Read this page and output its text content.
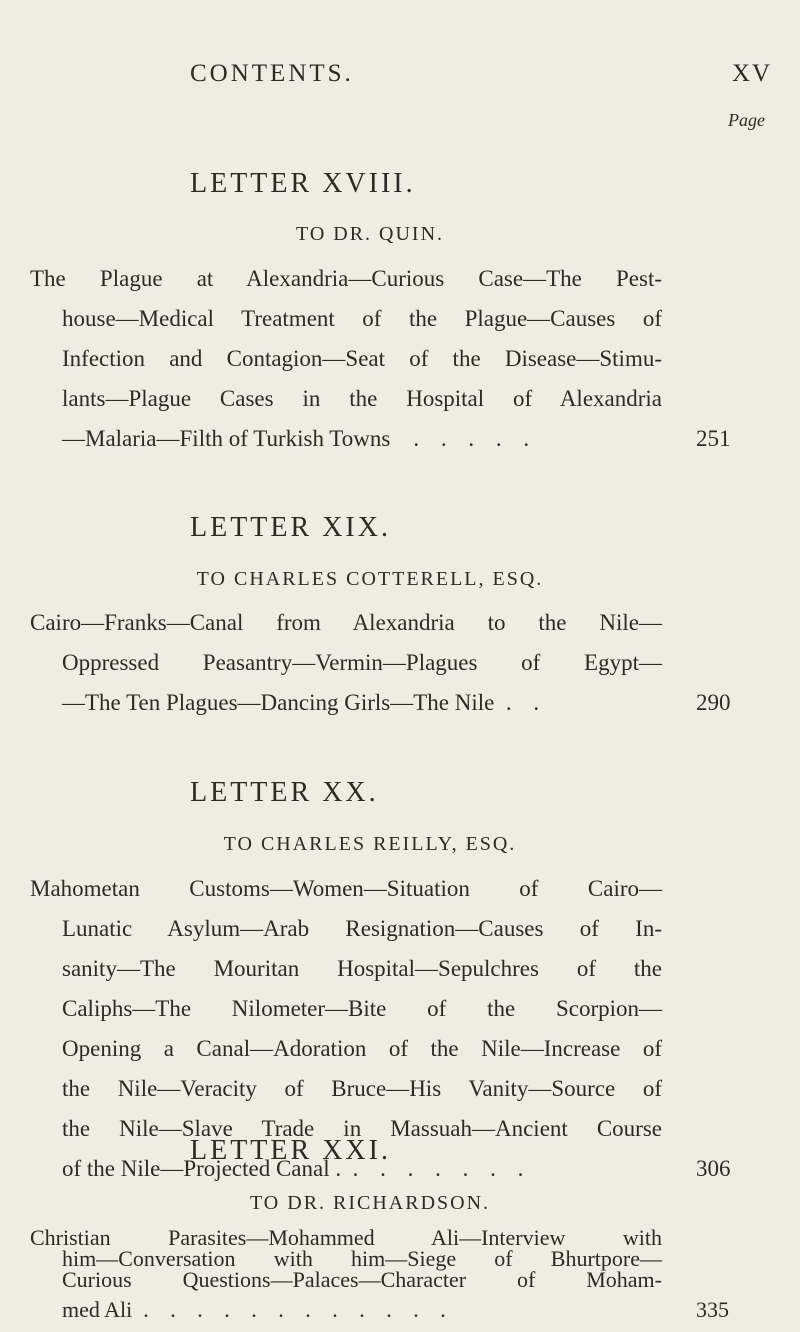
CONTENTS.	XV
Page
LETTER XVIII.
TO DR. QUIN.
The Plague at Alexandria—Curious Case—The Pest-
house—Medical Treatment of the Plague—Causes of
Infection and Contagion—Seat of the Disease—Stimu-
lants—Plague Cases in the Hospital of Alexandria
—Malaria—Filth of Turkish Towns . . . . .	251
LETTER XIX.
TO CHARLES COTTERELL, ESQ.
Cairo—Franks—Canal from Alexandria to the Nile—
Oppressed Peasantry—Vermin—Plagues of Egypt—
—The Ten Plagues—Dancing Girls—The Nile . .	290
LETTER XX.
TO CHARLES REILLY, ESQ.
Mahometan Customs—Women—Situation of Cairo—
Lunatic Asylum—Arab Resignation—Causes of In-
sanity—The Mouritan Hospital—Sepulchres of the
Caliphs—The Nilometer—Bite of the Scorpion—
Opening a Canal—Adoration of the Nile—Increase of
the Nile—Veracity of Bruce—His Vanity—Source of
the Nile—Slave Trade in Massuah—Ancient Course
of the Nile—Projected Canal . . . . . . . .	306
LETTER XXI.
TO DR. RICHARDSON.
Christian Parasites—Mohammed Ali—Interview with
him—Conversation with him—Siege of Bhurtpore—
Curious Questions—Palaces—Character of Moham-
med Ali . . . . . . . . . . . .	335
